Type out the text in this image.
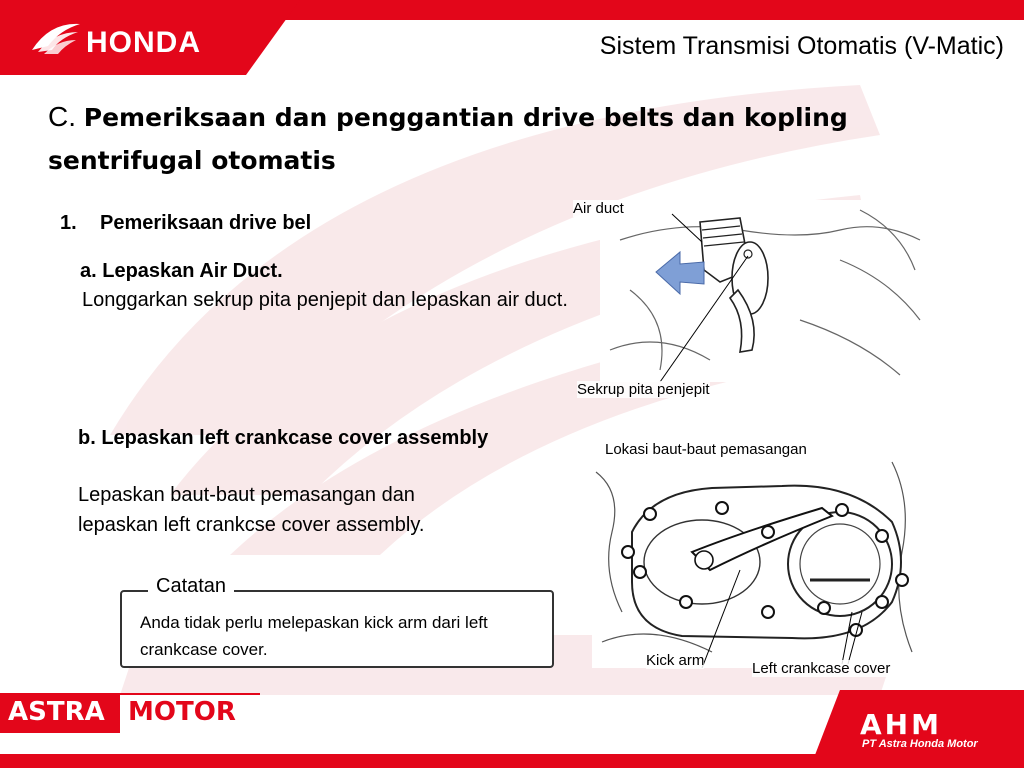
HONDA	Sistem Transmisi Otomatis (V-Matic)
C. Pemeriksaan dan penggantian drive belts dan kopling sentrifugal otomatis
1. Pemeriksaan drive bel
a. Lepaskan Air Duct.
Longgarkan sekrup pita penjepit dan lepaskan air duct.
b. Lepaskan left crankcase cover assembly
Lepaskan baut-baut pemasangan dan lepaskan left crankcse cover assembly.
Catatan
Anda tidak perlu melepaskan kick arm dari left crankcase cover.
Air duct
Sekrup pita penjepit
Lokasi baut-baut pemasangan
Kick arm	Left crankcase cover
ASTRA MOTOR	AHM
PT Astra Honda Motor
